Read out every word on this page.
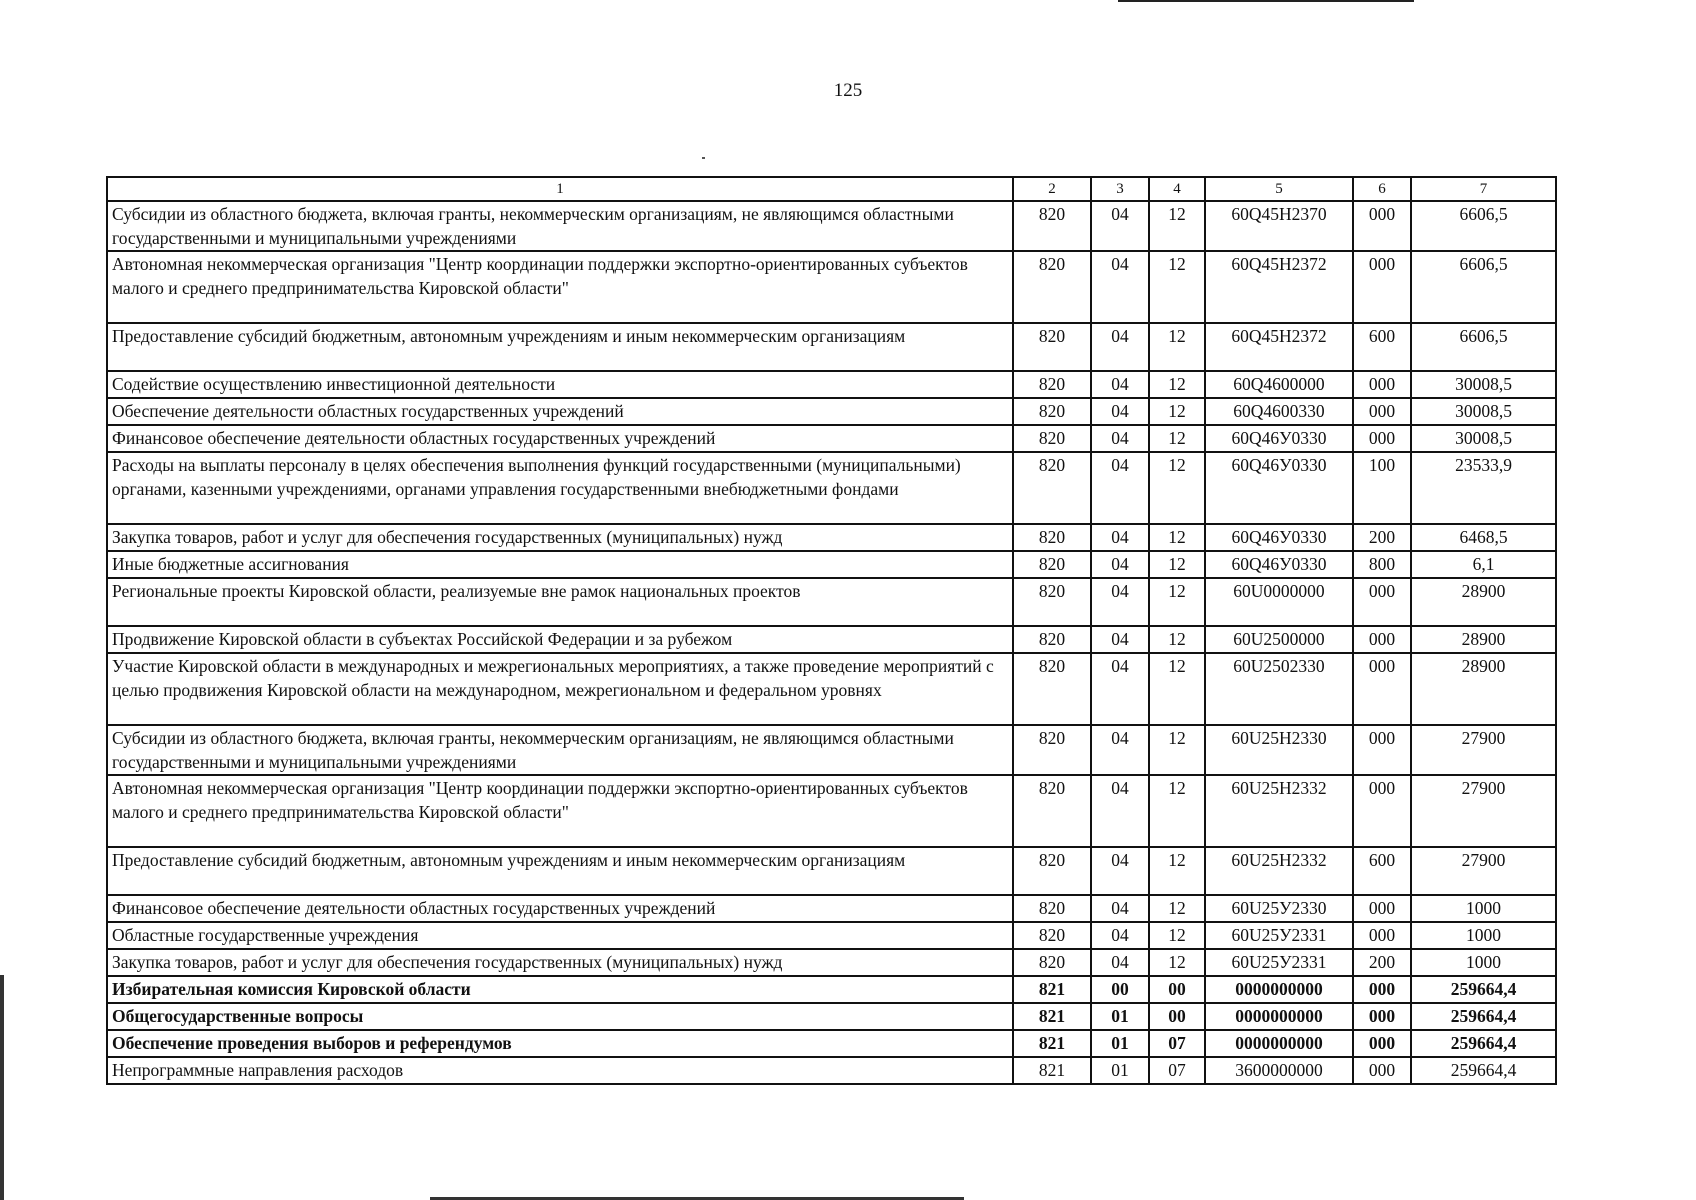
125
1	2	3	4	5	6	7
Субсидии из областного бюджета, включая гранты, некоммерческим организациям, не являющимся областными государственными и муниципальными учреждениями	820	04	12	60Q45Н2370	000	6606,5
Автономная некоммерческая организация "Центр координации поддержки экспортно-ориентированных субъектов малого и среднего предпринимательства Кировской области"	820	04	12	60Q45Н2372	000	6606,5
Предоставление субсидий бюджетным, автономным учреждениям и иным некоммерческим организациям	820	04	12	60Q45Н2372	600	6606,5
Содействие осуществлению инвестиционной деятельности	820	04	12	60Q4600000	000	30008,5
Обеспечение деятельности областных государственных учреждений	820	04	12	60Q4600330	000	30008,5
Финансовое обеспечение деятельности областных государственных учреждений	820	04	12	60Q46У0330	000	30008,5
Расходы на выплаты персоналу в целях обеспечения выполнения функций государственными (муниципальными) органами, казенными учреждениями, органами управления государственными внебюджетными фондами	820	04	12	60Q46У0330	100	23533,9
Закупка товаров, работ и услуг для обеспечения государственных (муниципальных) нужд	820	04	12	60Q46У0330	200	6468,5
Иные бюджетные ассигнования	820	04	12	60Q46У0330	800	6,1
Региональные проекты Кировской области, реализуемые вне рамок национальных проектов	820	04	12	60U0000000	000	28900
Продвижение Кировской области в субъектах Российской Федерации и за рубежом	820	04	12	60U2500000	000	28900
Участие Кировской области в международных и межрегиональных мероприятиях, а также проведение мероприятий с целью продвижения Кировской области на международном, межрегиональном и федеральном уровнях	820	04	12	60U2502330	000	28900
Субсидии из областного бюджета, включая гранты, некоммерческим организациям, не являющимся областными государственными и муниципальными учреждениями	820	04	12	60U25Н2330	000	27900
Автономная некоммерческая организация "Центр координации поддержки экспортно-ориентированных субъектов малого и среднего предпринимательства Кировской области"	820	04	12	60U25Н2332	000	27900
Предоставление субсидий бюджетным, автономным учреждениям и иным некоммерческим организациям	820	04	12	60U25Н2332	600	27900
Финансовое обеспечение деятельности областных государственных учреждений	820	04	12	60U25У2330	000	1000
Областные государственные учреждения	820	04	12	60U25У2331	000	1000
Закупка товаров, работ и услуг для обеспечения государственных (муниципальных) нужд	820	04	12	60U25У2331	200	1000
Избирательная комиссия Кировской области	821	00	00	0000000000	000	259664,4
Общегосударственные вопросы	821	01	00	0000000000	000	259664,4
Обеспечение проведения выборов и референдумов	821	01	07	0000000000	000	259664,4
Непрограммные направления расходов	821	01	07	3600000000	000	259664,4
